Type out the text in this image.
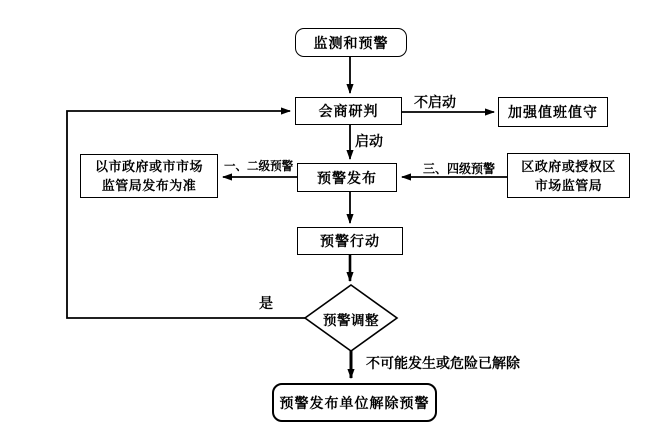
监测和预警
会商研判	加强值班值守
预警发布
以市政府或市市场
监管局发布为准
区政府或授权区
市场监管局
预警行动
预警调整
预警发布单位解除预警
不启动
启动
一、二级预警	三、四级预警
是
不可能发生或危险已解除
